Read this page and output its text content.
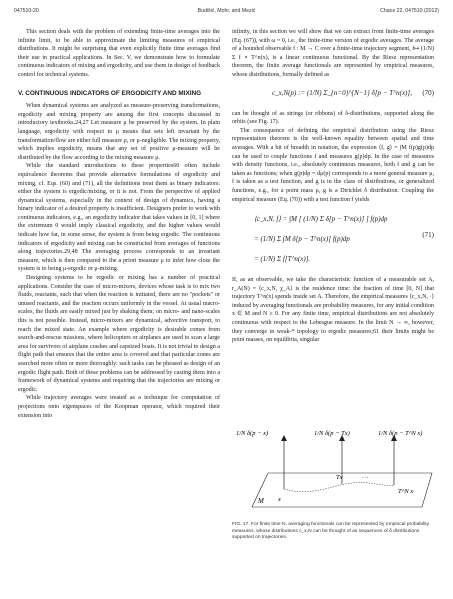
047510-20	Budišić, Mohr, and Mezić	Chaos 22, 047510 (2012)

This section deals with the problem of extending finite-time averages into the infinite limit, to be able to approximate the limiting measures of empirical distributions. It might be surprising that even explicitly finite time averages find their use in practical applications. In Sec. V, we demonstrate how to formulate continuous indicators of mixing and ergodicity, and use them in design of feedback control for technical systems.

V. CONTINUOUS INDICATORS OF ERGODICITY AND MIXING

When dynamical systems are analyzed as measure-preserving transformations, ergodicity and mixing property are among the first concepts discussed in introductory textbooks.24,27 Let measure μ be preserved by the system. In plain language, ergodicity with respect to μ means that sets left invariant by the transformation/flow are either full measure μ, or μ-negligible. The mixing property, which implies ergodicity, means that any set of positive μ-measure will be distributed by the flow according to the mixing measure μ.

While the standard introductions to these properties60 often include equivalence theorems that provide alternative formulations of ergodicity and mixing, cf. Eqs. (60) and (71), all the definitions treat them as binary indicators: either the system is ergodic/mixing, or it is not. From the perspective of applied dynamical systems, especially in the context of design of dynamics, having a binary indicator of a desired property is insufficient. Designers prefer to work with continuous indicators, e.g., an ergodicity indicator that takes values in [0, 1] where the extremum 0 would imply classical ergodicity, and the higher values would indicate how far, in some sense, the system is from being ergodic. The continuous indicators of ergodicity and mixing can be constructed from averages of functions along trajectories.29,48 The averaging process corresponds to an invariant measure, which is then compared to the a priori measure μ to infer how close the system is to being μ-ergodic or μ-mixing.

Designing systems to be ergodic or mixing has a number of practical applications. Consider the case of micro-mixers, devices whose task is to mix two fluids, reactants, such that when the reaction is initiated, there are no "pockets" or unused reactants, and the reaction occurs uniformly in the vessel. At usual macro-scales, the fluids are easily mixed just by shaking them; on micro- and nano-scales this is not possible. Instead, micro-mixers are dynamical, advective transport, to reach the mixed state. An example where ergodicity is desirable comes from search-and-rescue missions, where helicopters or airplanes are used to scan a large area for survivors of airplane crashes and capsized boats. It is not trivial to design a flight path that ensures that the entire area is covered and that particular zones are searched more often or more thoroughly: such tasks can be phrased as design of an ergodic flight path. Both of these problems can be addressed by casting them into a framework of dynamical systems and requiring that the trajectories are mixing or ergodic.

While trajectory averages were treated as a technique for computation of projections onto eigenspaces of the Koopman operator, which required their extension into

infinity, in this section we will show that we can extract from finite-time averages (Eq. (67)), with ω = 0, i.e., the finite-time version of ergodic averages. The average of a bounded observable f : M → C over a finite-time trajectory segment, f↦ (1/N) Σ f ∘ T^n(x), is a linear continuous functional. By the Riesz representation theorem, the finite average functionals are represented by empirical measures, whose distributions, formally defined as

c_x,N(p) := (1/N) Σ_{n=0}^{N−1} δ[p − T^n(x)], (70)

can be thought of as strings (or ribbons) of δ-distributions, supported along the orbits (see Fig. 17).

The consequence of defining the empirical distribution using the Riesz representation theorem is the well-known equality between spatial and time averages. With a bit of breadth in notation, the expression ⟨f, g⟩ = ∫M f(p)g(p)dp can be used to couple functions f and measures g(p)dp. In the case of measures with density functions, i.e., absolutely continuous measures, both f and g can be taken as functions; when g(p)dp = dμ(p) corresponds to a more general measure μ, f is taken as a test function, and g is in the class of distributions, or generalized functions, e.g., for a point mass μ, g is a Dirichlet δ distribution. Coupling the empirical measure (Eq. (70)) with a test function f yields

⟨c_x,N, f⟩ = ∫M [ (1/N) Σ δ[p − T^n(x)] ] f(p)dp
= (1/N) Σ ∫M δ[p − T^n(x)] f(p)dp
= (1/N) Σ f[T^n(x)].
(71)

If, as an observable, we take the characteristic function of a measurable set A, r_A(N) = ⟨c_x,N, χ_A⟩ is the residence time: the fraction of time [0, N] that trajectory T^n(x) spends inside set A. Therefore, the empirical measures ⟨c_x,N, ·⟩ induced by averaging functionals are probability measures, for any initial condition x ∈ M and N ≥ 0. For any finite time, empirical distributions are not absolutely continuous with respect to the Lebesgue measure. In the limit N → ∞, however, they converge in weak-* topology to ergodic measures;61 their limits might be point masses, on equilibria, singular

1/N δ(p − x)	1/N δ(p − Tx)	1/N δ(p − T^N x)
x
Tx	···
T^N x
M
FIG. 17. For finite time N, averaging functionals can be represented by empirical probability measures, whose distributions c_x,N can be thought of as sequences of δ distributions supported on trajectories.
